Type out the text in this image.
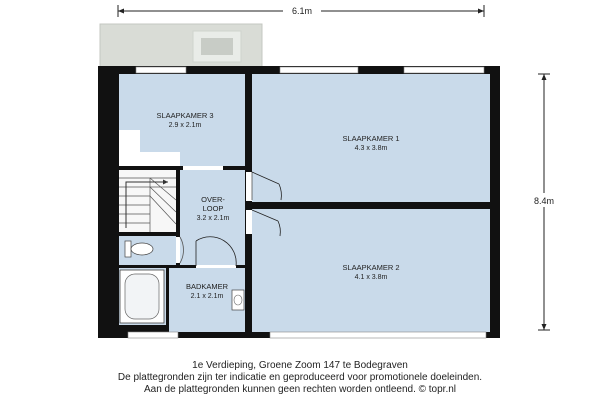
6.1m
8.4m
SLAAPKAMER 3
2.9 x 2.1m
SLAAPKAMER 1
4.3 x 3.8m
OVER-
LOOP
3.2 x 2.1m
SLAAPKAMER 2
4.1 x 3.8m
BADKAMER
2.1 x 2.1m
1e Verdieping, Groene Zoom 147 te Bodegraven
De plattegronden zijn ter indicatie en geproduceerd voor promotionele doeleinden.
Aan de plattegronden kunnen geen rechten worden ontleend. © topr.nl
